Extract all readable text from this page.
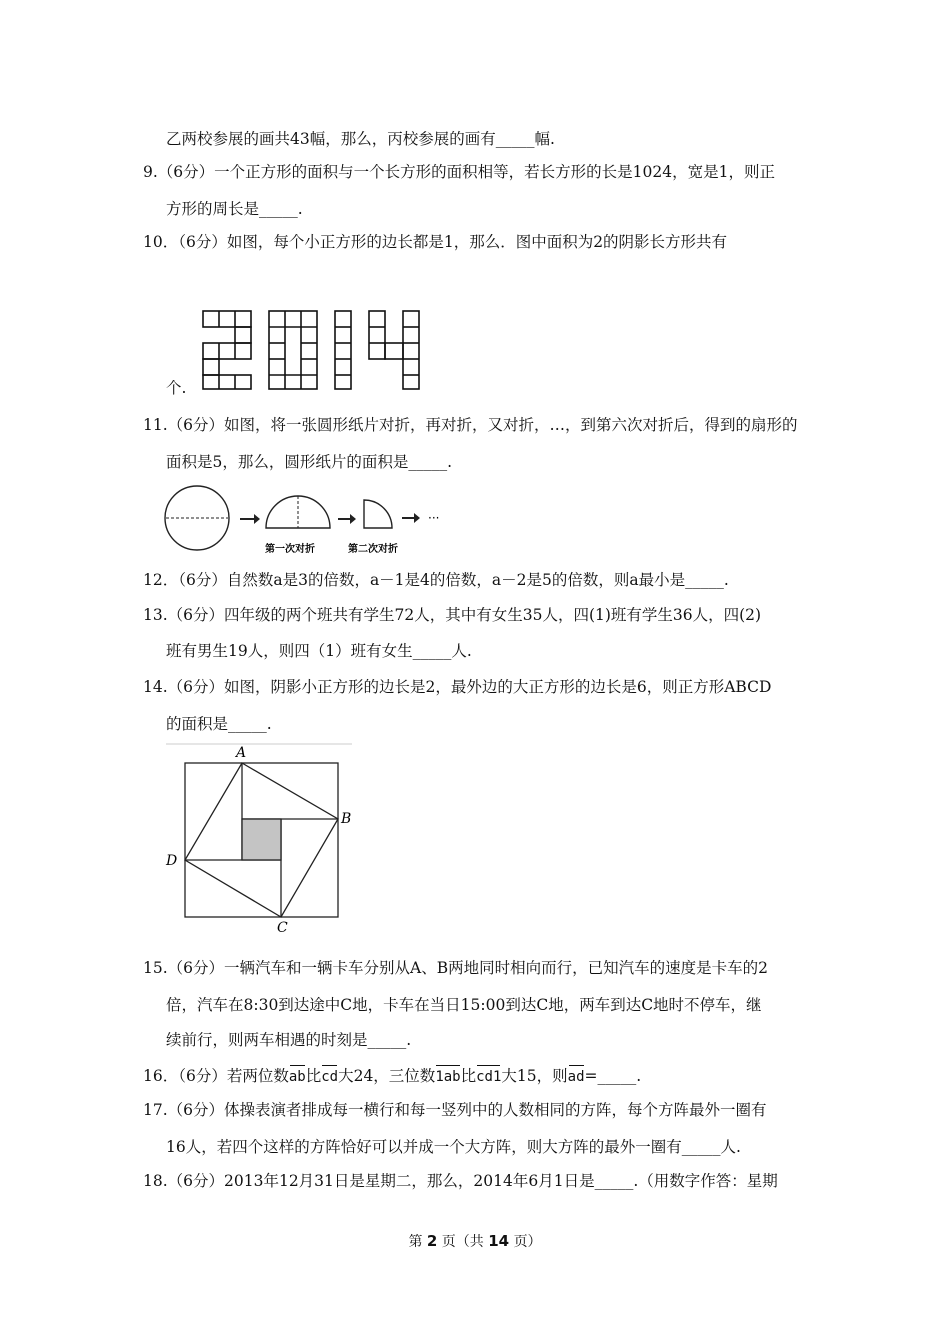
乙两校参展的画共43幅，那么，丙校参展的画有_____幅.
9.（6分）一个正方形的面积与一个长方形的面积相等，若长方形的长是1024，宽是1，则正
方形的周长是_____.
10．（6分）如图，每个小正方形的边长都是1，那么．图中面积为2的阴影长方形共有
个.
11.（6分）如图，将一张圆形纸片对折，再对折，又对折，…，到第六次对折后，得到的扇形的
面积是5，那么，圆形纸片的面积是_____.
···
第一次对折	第二次对折
12．（6分）自然数a是3的倍数，a－1是4的倍数，a－2是5的倍数，则a最小是_____.
13.（6分）四年级的两个班共有学生72人，其中有女生35人，四(1)班有学生36人，四(2)
班有男生19人，则四（1）班有女生_____人.
14.（6分）如图，阴影小正方形的边长是2，最外边的大正方形的边长是6，则正方形ABCD
的面积是_____.
A
B
C
D
15.（6分）一辆汽车和一辆卡车分别从A、B两地同时相向而行，已知汽车的速度是卡车的2
倍，汽车在8:30到达途中C地，卡车在当日15:00到达C地，两车到达C地时不停车，继
续前行，则两车相遇的时刻是_____.
16．（6分）若两位数ab比cd大24，三位数1ab比cd1大15，则ad=_____.
17.（6分）体操表演者排成每一横行和每一竖列中的人数相同的方阵，每个方阵最外一圈有
16人，若四个这样的方阵恰好可以并成一个大方阵，则大方阵的最外一圈有_____人.
18.（6分）2013年12月31日是星期二，那么，2014年6月1日是_____.（用数字作答：星期
第 2 页（共 14 页）
